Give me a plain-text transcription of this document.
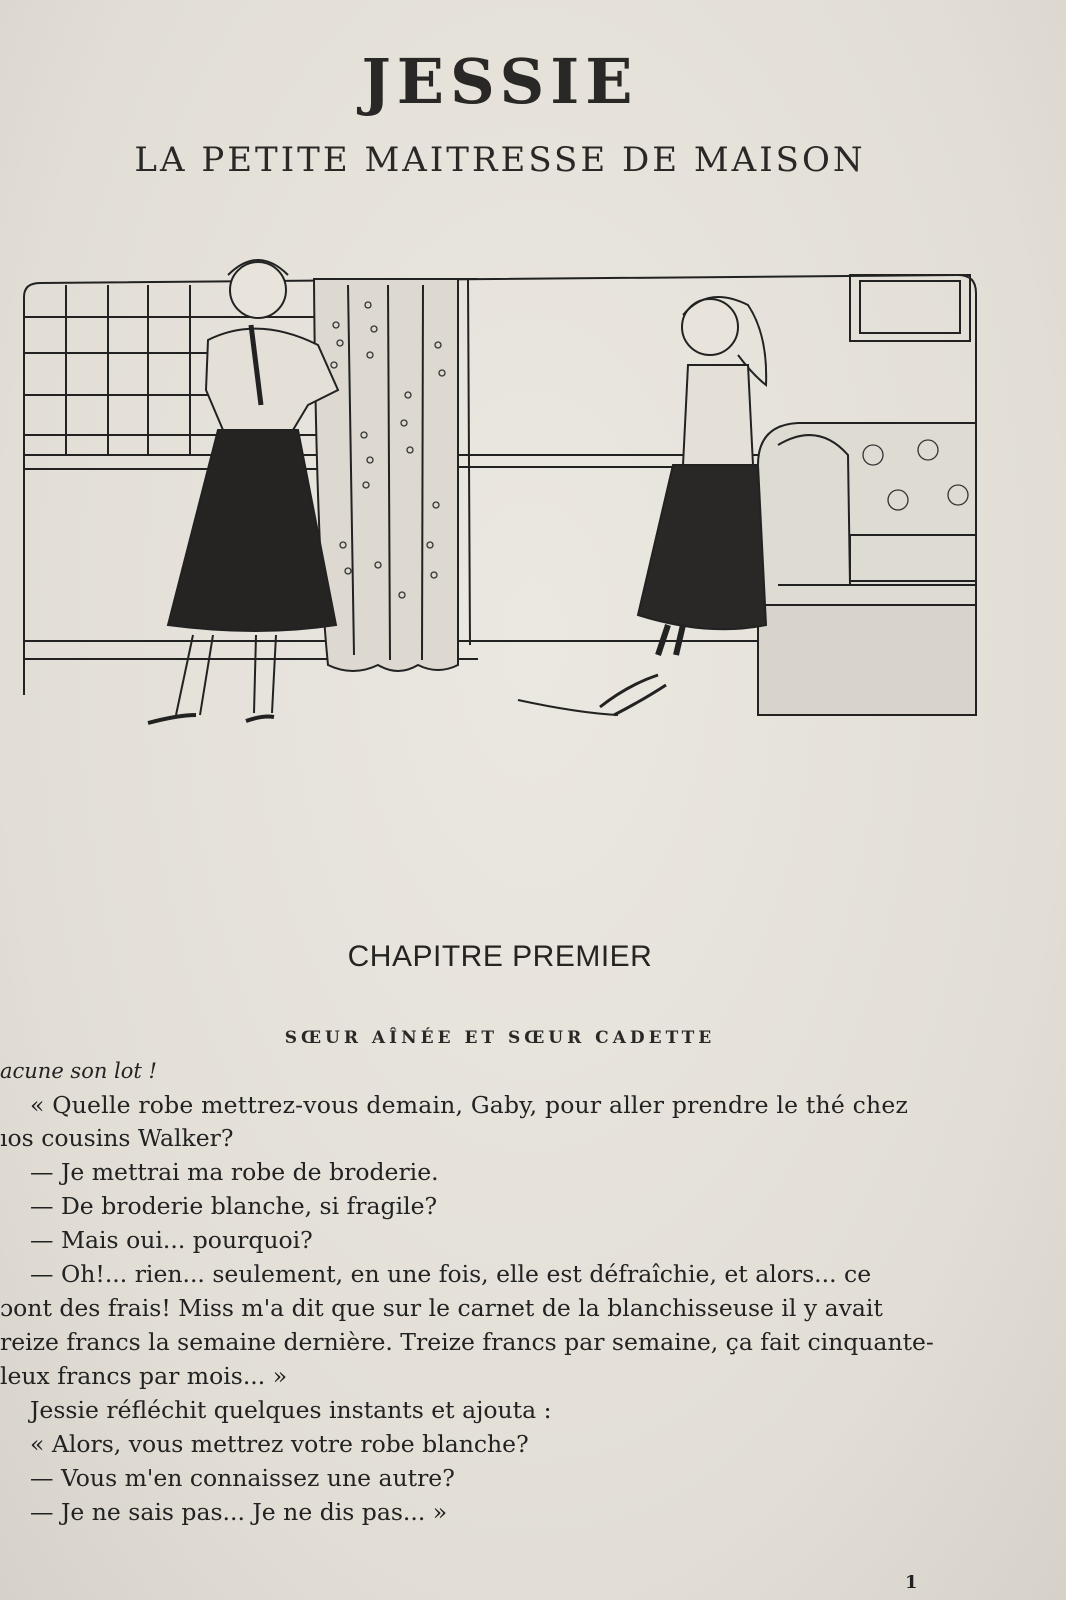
JESSIE
LA PETITE MAITRESSE DE MAISON
CHAPITRE PREMIER
SŒUR AÎNÉE ET SŒUR CADETTE
acune son lot !
« Quelle robe mettrez-vous demain, Gaby, pour aller prendre le thé chez
ıos cousins Walker?
— Je mettrai ma robe de broderie.
— De broderie blanche, si fragile?
— Mais oui... pourquoi?
— Oh!... rien... seulement, en une fois, elle est défraîchie, et alors... ce
ɔont des frais! Miss m'a dit que sur le carnet de la blanchisseuse il y avait
reize francs la semaine dernière. Treize francs par semaine, ça fait cinquante-
leux francs par mois... »
Jessie réfléchit quelques instants et ajouta :
« Alors, vous mettrez votre robe blanche?
— Vous m'en connaissez une autre?
— Je ne sais pas... Je ne dis pas... »
1
